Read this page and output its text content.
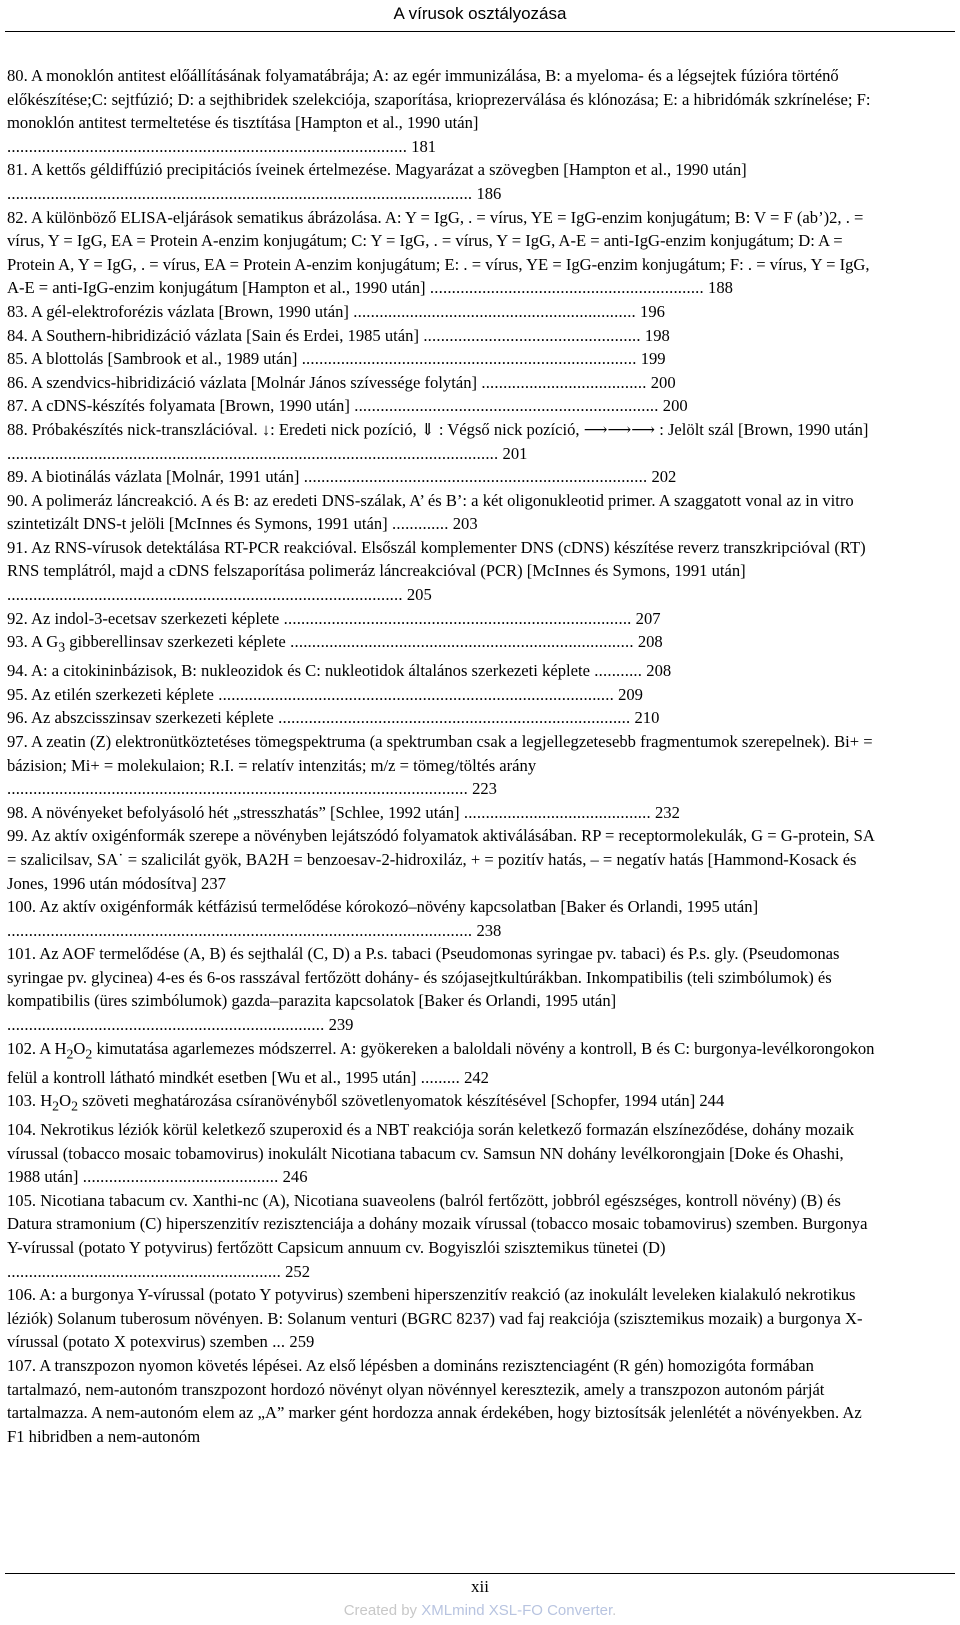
A vírusok osztályozása

80. A monoklón antitest előállításának folyamatábrája; A: az egér immunizálása, B: a myeloma- és a légsejtek fúzióra történő előkészítése;C: sejtfúzió; D: a sejthibridek szelekciója, szaporítása, krioprezerválása és klónozása; E: a hibridómák szkrínelése; F: monoklón antitest termeltetése és tisztítása [Hampton et al., 1990 után] ............................................................................................ 181

81. A kettős géldiffúzió precipitációs íveinek értelmezése. Magyarázat a szövegben [Hampton et al., 1990 után] ........................................................................................................... 186

82. A különböző ELISA-eljárások sematikus ábrázolása. A: Y = IgG, . = vírus, YE = IgG-enzim konjugátum; B: V = F (ab’)2, . = vírus, Y = IgG, EA = Protein A-enzim konjugátum; C: Y = IgG, . = vírus, Y = IgG, A-E = anti-IgG-enzim konjugátum; D: A = Protein A, Y = IgG, . = vírus, EA = Protein A-enzim konjugátum; E: . = vírus, YE = IgG-enzim konjugátum; F: . = vírus, Y = IgG, A-E = anti-IgG-enzim konjugátum [Hampton et al., 1990 után] ............................................................... 188

83. A gél-elektroforézis vázlata [Brown, 1990 után] ................................................................. 196

84. A Southern-hibridizáció vázlata [Sain és Erdei, 1985 után] .................................................. 198

85. A blottolás [Sambrook et al., 1989 után] ............................................................................. 199

86. A szendvics-hibridizáció vázlata [Molnár János szívessége folytán] ...................................... 200

87. A cDNS-készítés folyamata [Brown, 1990 után] ...................................................................... 200

88. Próbakészítés nick-transzlációval. ↓: Eredeti nick pozíció, ⇓ : Végső nick pozíció, ⟶⟶⟶ : Jelölt szál [Brown, 1990 után] ................................................................................................................. 201

89. A biotinálás vázlata [Molnár, 1991 után] ............................................................................... 202

90. A polimeráz láncreakció. A és B: az eredeti DNS-szálak, A’ és B’: a két oligonukleotid primer. A szaggatott vonal az in vitro szintetizált DNS-t jelöli [McInnes és Symons, 1991 után] ............. 203

91. Az RNS-vírusok detektálása RT-PCR reakcióval. Elsőszál komplementer DNS (cDNS) készítése reverz transzkripcióval (RT) RNS templátról, majd a cDNS felszaporítása polimeráz láncreakcióval (PCR) [McInnes és Symons, 1991 után] ........................................................................................... 205

92. Az indol-3-ecetsav szerkezeti képlete ................................................................................ 207

93. A $G_3$ gibberellinsav szerkezeti képlete ............................................................................... 208

94. A: a citokininbázisok, B: nukleozidok és C: nukleotidok általános szerkezeti képlete ........... 208

95. Az etilén szerkezeti képlete ........................................................................................... 209

96. Az abszcisszinsav szerkezeti képlete ................................................................................. 210

97. A zeatin (Z) elektronütköztetéses tömegspektruma (a spektrumban csak a legjellegzetesebb fragmentumok szerepelnek). Bi+ = bázision; Mi+ = molekulaion; R.I. = relatív intenzitás; m/z = tömeg/töltés arány .......................................................................................................... 223

98. A növényeket befolyásoló hét „stresszhatás” [Schlee, 1992 után] ........................................... 232

99. Az aktív oxigénformák szerepe a növényben lejátszódó folyamatok aktiválásában. RP = receptormolekulák, G = G-protein, SA = szalicilsav, SA˙ = szalicilát gyök, BA2H = benzoesav-2-hidroxiláz, + = pozitív hatás, – = negatív hatás [Hammond-Kosack és Jones, 1996 után módosítva] 237

100. Az aktív oxigénformák kétfázisú termelődése kórokozó–növény kapcsolatban [Baker és Orlandi, 1995 után] ........................................................................................................... 238

101. Az AOF termelődése (A, B) és sejthalál (C, D) a P.s. tabaci (Pseudomonas syringae pv. tabaci) és P.s. gly. (Pseudomonas syringae pv. glycinea) 4-es és 6-os rasszával fertőzött dohány- és szójasejtkultúrákban. Inkompatibilis (teli szimbólumok) és kompatibilis (üres szimbólumok) gazda–parazita kapcsolatok [Baker és Orlandi, 1995 után] ......................................................................... 239

102. A $H_2O_2$ kimutatása agarlemezes módszerrel. A: gyökereken a baloldali növény a kontroll, B és C: burgonya-levélkorongokon felül a kontroll látható mindkét esetben [Wu et al., 1995 után] ......... 242

103. $H_2O_2$ szöveti meghatározása csíranövényből szövetlenyomatok készítésével [Schopfer, 1994 után] 244

104. Nekrotikus léziók körül keletkező szuperoxid és a NBT reakciója során keletkező formazán elszíneződése, dohány mozaik vírussal (tobacco mosaic tobamovirus) inokulált Nicotiana tabacum cv. Samsun NN dohány levélkorongjain [Doke és Ohashi, 1988 után] ............................................. 246

105. Nicotiana tabacum cv. Xanthi-nc (A), Nicotiana suaveolens (balról fertőzött, jobbról egészséges, kontroll növény) (B) és Datura stramonium (C) hiperszenzitív rezisztenciája a dohány mozaik vírussal (tobacco mosaic tobamovirus) szemben. Burgonya Y-vírussal (potato Y potyvirus) fertőzött Capsicum annuum cv. Bogyiszlói szisztemikus tünetei (D) ............................................................... 252

106. A: a burgonya Y-vírussal (potato Y potyvirus) szembeni hiperszenzitív reakció (az inokulált leveleken kialakuló nekrotikus léziók) Solanum tuberosum növényen. B: Solanum venturi (BGRC 8237) vad faj reakciója (szisztemikus mozaik) a burgonya X-vírussal (potato X potexvirus) szemben ... 259

107. A transzpozon nyomon követés lépései. Az első lépésben a domináns rezisztenciagént (R gén) homozigóta formában tartalmazó, nem-autonóm transzpozont hordozó növényt olyan növénnyel keresztezik, amely a transzpozon autonóm párját tartalmazza. A nem-autonóm elem az „A” marker gént hordozza annak érdekében, hogy biztosítsák jelenlétét a növényekben. Az F1 hibridben a nem-autonóm

xii
Created by XMLmind XSL-FO Converter.
